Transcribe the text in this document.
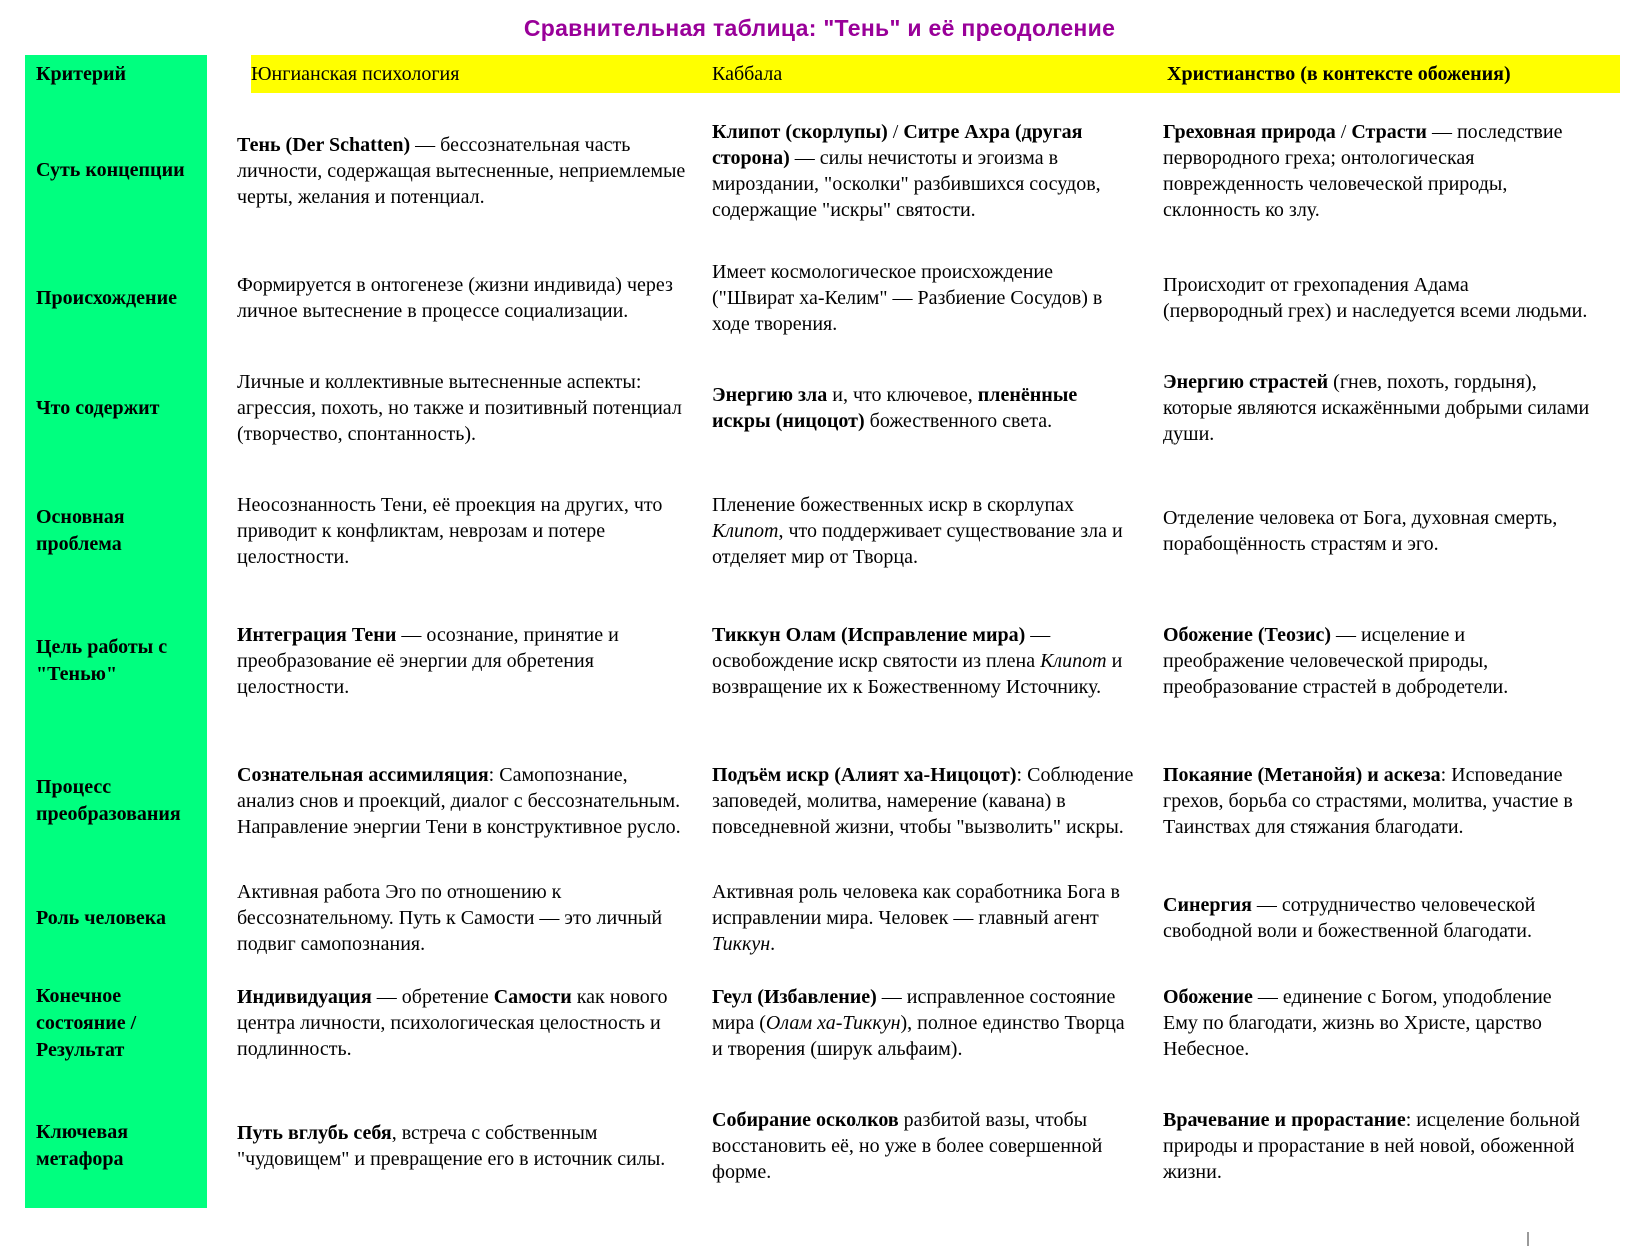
Сравнительная таблица: "Тень" и её преодоление
Критерий	Юнгианская психология	Каббала	Христианство (в контексте обожения)
Суть концепции	Тень (Der Schatten) — бессознательная часть личности, содержащая вытесненные, неприемлемые черты, желания и потенциал.	Клипот (скорлупы) / Ситре Ахра (другая сторона) — силы нечистоты и эгоизма в мироздании, "осколки" разбившихся сосудов, содержащие "искры" святости.	Греховная природа / Страсти — последствие первородного греха; онтологическая поврежденность человеческой природы, склонность ко злу.
Происхождение	Формируется в онтогенезе (жизни индивида) через личное вытеснение в процессе социализации.	Имеет космологическое происхождение ("Швират ха-Келим" — Разбиение Сосудов) в ходе творения.	Происходит от грехопадения Адама (первородный грех) и наследуется всеми людьми.
Что содержит	Личные и коллективные вытесненные аспекты: агрессия, похоть, но также и позитивный потенциал (творчество, спонтанность).	Энергию зла и, что ключевое, пленённые искры (ницоцот) божественного света.	Энергию страстей (гнев, похоть, гордыня), которые являются искажёнными добрыми силами души.
Основная проблема	Неосознанность Тени, её проекция на других, что приводит к конфликтам, неврозам и потере целостности.	Пленение божественных искр в скорлупах Клипот, что поддерживает существование зла и отделяет мир от Творца.	Отделение человека от Бога, духовная смерть, порабощённость страстям и эго.
Цель работы с "Тенью"	Интеграция Тени — осознание, принятие и преобразование её энергии для обретения целостности.	Тиккун Олам (Исправление мира) — освобождение искр святости из плена Клипот и возвращение их к Божественному Источнику.	Обожение (Теозис) — исцеление и преображение человеческой природы, преобразование страстей в добродетели.
Процесс преобразования	Сознательная ассимиляция: Самопознание, анализ снов и проекций, диалог с бессознательным. Направление энергии Тени в конструктивное русло.	Подъём искр (Алият ха-Ницоцот): Соблюдение заповедей, молитва, намерение (кавана) в повседневной жизни, чтобы "вызволить" искры.	Покаяние (Метанойя) и аскеза: Исповедание грехов, борьба со страстями, молитва, участие в Таинствах для стяжания благодати.
Роль человека	Активная работа Эго по отношению к бессознательному. Путь к Самости — это личный подвиг самопознания.	Активная роль человека как соработника Бога в исправлении мира. Человек — главный агент Тиккун.	Синергия — сотрудничество человеческой свободной воли и божественной благодати.
Конечное состояние / Результат	Индивидуация — обретение Самости как нового центра личности, психологическая целостность и подлинность.	Геул (Избавление) — исправленное состояние мира (Олам ха-Тиккун), полное единство Творца и творения (ширук альфаим).	Обожение — единение с Богом, уподобление Ему по благодати, жизнь во Христе, царство Небесное.
Ключевая метафора	Путь вглубь себя, встреча с собственным "чудовищем" и превращение его в источник силы.	Собирание осколков разбитой вазы, чтобы восстановить её, но уже в более совершенной форме.	Врачевание и прорастание: исцеление больной природы и прорастание в ней новой, обоженной жизни.
